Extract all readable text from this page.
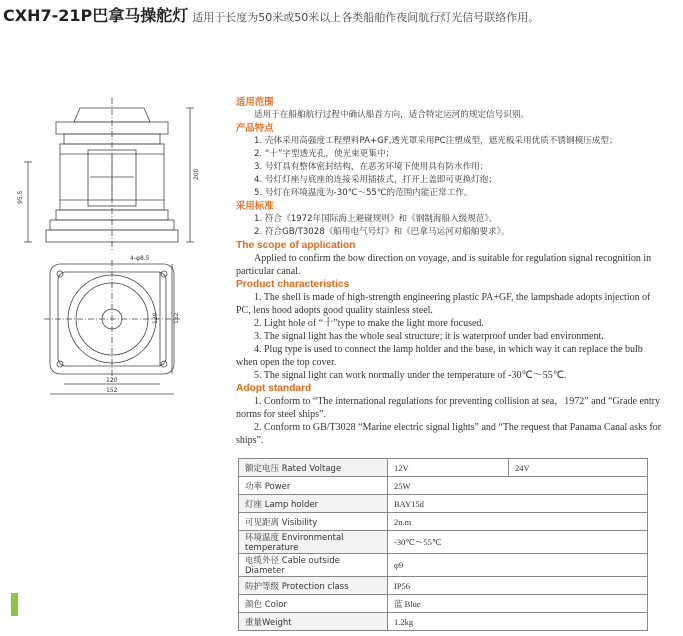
CXH7-21P巴拿马操舵灯 适用于长度为50米或50米以上各类船舶作夜间航行灯光信号联络作用。
95.5
200
4-φ8.5
120 152
120
152
适用范围
适用于在船舶航行过程中确认船首方向，适合特定运河的规定信号识别。
产品特点
1. 壳体采用高强度工程塑料PA+GF,透光罩采用PC注塑成型，遮光板采用优质不锈钢模压成型；
2. “十”字型透光孔，使光束更集中；
3. 号灯具有整体密封结构，在恶劣环境下使用具有防水作用；
4. 号灯灯座与底座的连接采用插拔式，打开上盖即可更换灯泡；
5. 号灯在环境温度为-30℃～55℃的范围内能正常工作。
采用标准
1. 符合《1972年国际海上避碰规则》和《钢制海船入级规范》。
2. 符合GB/T3028《船用电气号灯》和《巴拿马运河对船舶要求》。
The scope of application
Applied to confirm the bow direction on voyage, and is suitable for regulation signal recognition in particular canal.
Product characteristics
1. The shell is made of high-strength engineering plastic PA+GF, the lampshade adopts injection of PC, lens hood adopts good quality stainless steel.
2. Light hole of “十”type to make the light more focused.
3. The signal light has the whole seal structure; it is waterproof under bad environment.
4. Plug type is used to connect the lamp holder and the base, in which way it can replace the bulb when open the top cover.
5. The signal light can work normally under the temperature of -30℃～55℃.
Adopt standard
1. Conform to “The international regulations for preventing collision at sea，1972” and “Grade entry norms for steel ships”.
2. Conform to GB/T3028 “Marine electric signal lights” and “The request that Panama Canal asks for ships”.
额定电压 Rated Voltage	12V	24V
功率 Power	25W	
灯座 Lamp holder	BAY15d	
可见距离 Visibility	2n.m	
环境温度 Environmental temperature	-30℃～55℃	
电缆外径 Cable outside Diameter	φ9	
防护等级 Protection class	IP56	
颜色 Color	蓝 Blue	
重量Weight	1.2kg	
